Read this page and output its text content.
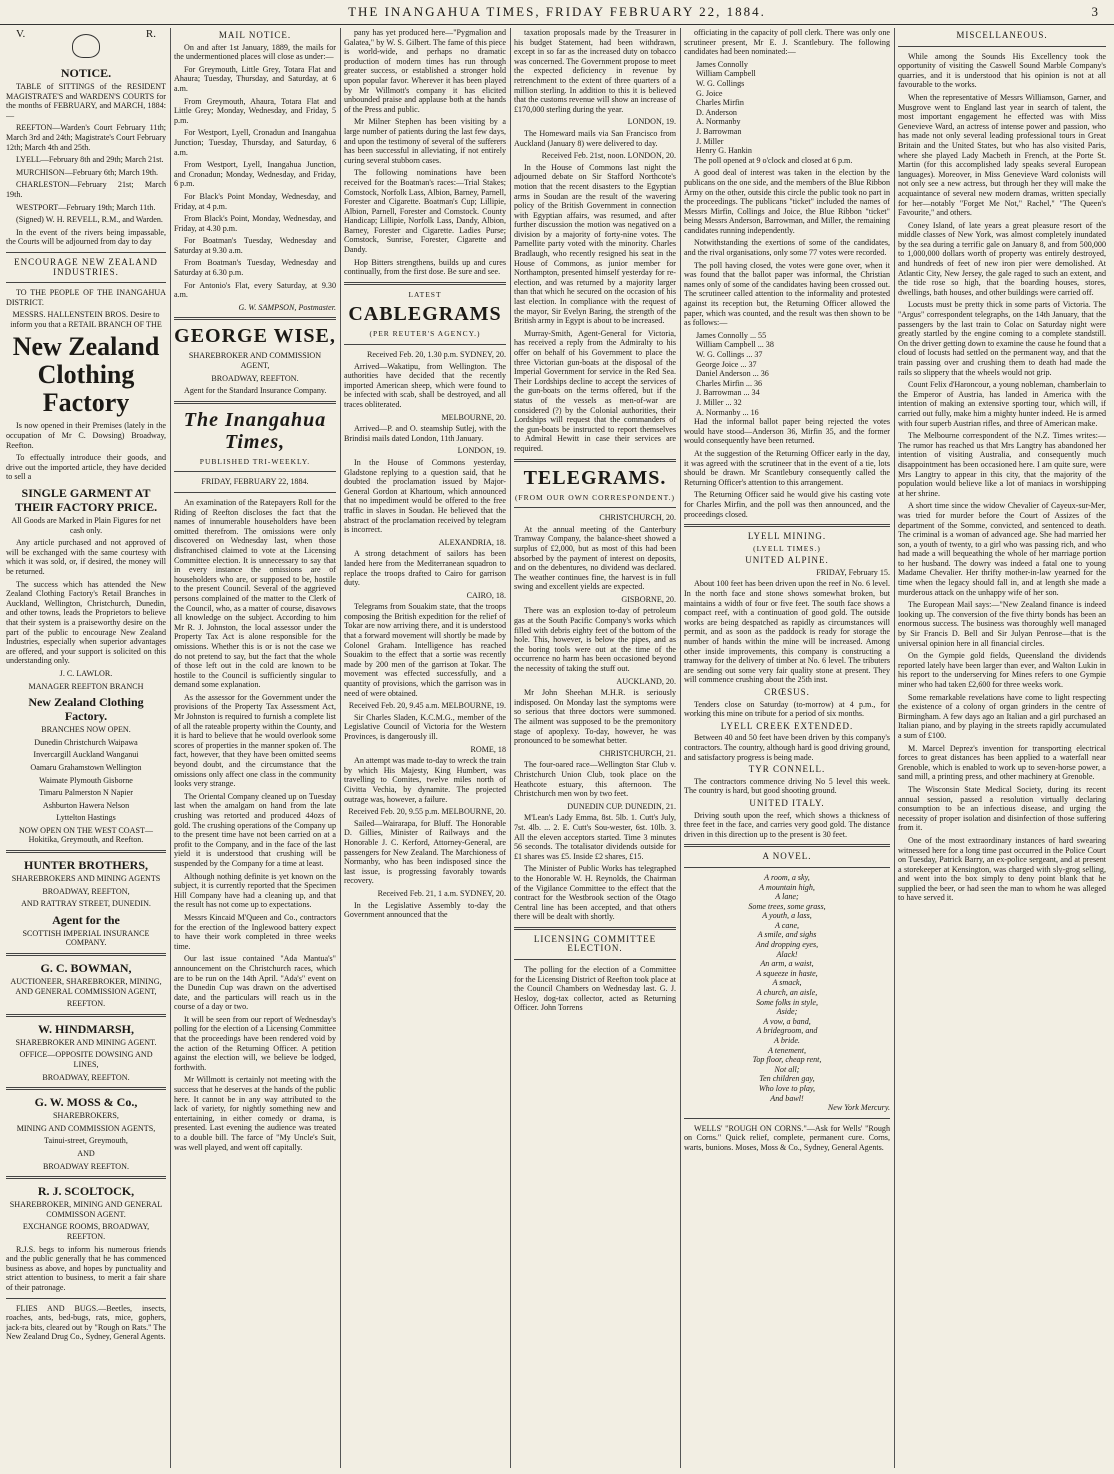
THE INANGAHUA TIMES, FRIDAY FEBRUARY 22, 1884.	3
V.	R.
NOTICE.

TABLE of SITTINGS of the RESIDENT MAGISTRATE'S and WARDEN'S COURTS for the months of FEBRUARY, and MARCH, 1884:—

REEFTON—Warden's Court February 11th; March 3rd and 24th; Magistrate's Court February 12th; March 4th and 25th.

LYELL—February 8th and 29th; March 21st.

MURCHISON—February 6th; March 19th.

CHARLESTON—February 21st; March 19th.

WESTPORT—February 19th; March 11th.

(Signed) W. H. REVELL, R.M., and Warden.

In the event of the rivers being impassable, the Courts will be adjourned from day to day

ENCOURAGE NEW ZEALAND INDUSTRIES.

TO THE PEOPLE OF THE INANGAHUA DISTRICT.

MESSRS. HALLENSTEIN BROS. Desire to inform you that a RETAIL BRANCH OF THE

New Zealand Clothing Factory

Is now opened in their Premises (lately in the occupation of Mr C. Dowsing) Broadway, Reefton.

To effectually introduce their goods, and drive out the imported article, they have decided to sell a

SINGLE GARMENT AT THEIR FACTORY PRICE.

All Goods are Marked in Plain Figures for net cash only.

Any article purchased and not approved of will be exchanged with the same courtesy with which it was sold, or, if desired, the money will be returned.

The success which has attended the New Zealand Clothing Factory's Retail Branches in Auckland, Wellington, Christchurch, Dunedin, and other towns, leads the Proprietors to believe that their system is a praiseworthy desire on the part of the public to encourage New Zealand Industries, especially when superior advantages are offered, and your support is solicited on this understanding only.

J. C. LAWLOR.

MANAGER REEFTON BRANCH

New Zealand Clothing Factory.

BRANCHES NOW OPEN.

Dunedin Christchurch Waipawa

Invercargill Auckland Wanganui

Oamaru Grahamstown Wellington

Waimate Plymouth Gisborne

Timaru Palmerston N Napier

Ashburton Hawera Nelson

Lyttelton Hastings

NOW OPEN ON THE WEST COAST—Hokitika, Greymouth, and Reefton.

HUNTER BROTHERS,

SHAREBROKERS AND MINING AGENTS

BROADWAY, REEFTON,

AND RATTRAY STREET, DUNEDIN.

Agent for the

SCOTTISH IMPERIAL INSURANCE COMPANY.

G. C. BOWMAN,

AUCTIONEER, SHAREBROKER, MINING, AND GENERAL COMMISSION AGENT,

REEFTON.

W. HINDMARSH,

SHAREBROKER AND MINING AGENT.

OFFICE—OPPOSITE DOWSING AND LINES,

BROADWAY, REEFTON.

G. W. MOSS & Co.,

SHAREBROKERS,

MINING AND COMMISSION AGENTS,

Tainui-street, Greymouth,

AND

BROADWAY REEFTON.

R. J. SCOLTOCK,

SHAREBROKER, MINING AND GENERAL COMMISSON AGENT.

EXCHANGE ROOMS, BROADWAY, REEFTON.

R.J.S. begs to inform his numerous friends and the public generally that he has commenced business as above, and hopes by punctuality and strict attention to business, to merit a fair share of their patronage.

FLIES AND BUGS.—Beetles, insects, roaches, ants, bed-bugs, rats, mice, gophers, jack-ra bits, cleared out by "Rough on Rats." The New Zealand Drug Co., Sydney, General Agents.

MAIL NOTICE.

On and after 1st January, 1889, the mails for the undermentioned places will close as under:—

For Greymouth, Little Grey, Totara Flat and Ahaura; Tuesday, Thursday, and Saturday, at 6 a.m.

From Greymouth, Ahaura, Totara Flat and Little Grey; Monday, Wednesday, and Friday, 5 p.m.

For Westport, Lyell, Cronadun and Inangahua Junction; Tuesday, Thursday, and Saturday, 6 a.m.

From Westport, Lyell, Inangahua Junction, and Cronadun; Monday, Wednesday, and Friday, 6 p.m.

For Black's Point Monday, Wednesday, and Friday, at 4 p.m.

From Black's Point, Monday, Wednesday, and Friday, at 4.30 p.m.

For Boatman's Tuesday, Wednesday and Saturday at 9.30 a.m.

From Boatman's Tuesday, Wednesday and Saturday at 6.30 p.m.

For Antonio's Flat, every Saturday, at 9.30 a.m.

G. W. SAMPSON, Postmaster.

GEORGE WISE,

SHAREBROKER AND COMMISSION AGENT,

BROADWAY, REEFTON.

Agent for the Standard Insurance Company.

The Inangahua Times,

PUBLISHED TRI-WEEKLY.

FRIDAY, FEBRUARY 22, 1884.

An examination of the Ratepayers Roll for the Riding of Reefton discloses the fact that the names of innumerable householders have been omitted therefrom. The omissions were only discovered on Wednesday last, when those disfranchised claimed to vote at the Licensing Committee election. It is unnecessary to say that in every instance the omissions are of householders who are, or supposed to be, hostile to the present Council. Several of the aggrieved persons complained of the matter to the Clerk of the Council, who, as a matter of course, disavows all knowledge on the subject. According to him Mr R. J. Johnston, the local assessor under the Property Tax Act is alone responsible for the omissions. Whether this is or is not the case we do not pretend to say, but the fact that the whole of those left out in the cold are known to be hostile to the Council is sufficiently singular to demand some explanation.

As the assessor for the Government under the provisions of the Property Tax Assessment Act, Mr Johnston is required to furnish a complete list of all the rateable property within the County, and it is hard to believe that he would overlook some scores of properties in the manner spoken of. The fact, however, that they have been omitted seems beyond doubt, and the circumstance that the omissions only affect one class in the community looks very strange.

The Oriental Company cleaned up on Tuesday last when the amalgam on hand from the late crushing was retorted and produced 44ozs of gold. The crushing operations of the Company up to the present time have not been carried on at a profit to the Company, and in the face of the last yield it is understood that crushing will be suspended by the Company for a time at least.

Although nothing definite is yet known on the subject, it is currently reported that the Specimen Hill Company have had a cleaning up, and that the result has not come up to expectations.

Messrs Kincaid M'Queen and Co., contractors for the erection of the Inglewood battery expect to have their work completed in three weeks time.

Our last issue contained "Ada Mantua's" announcement on the Christchurch races, which are to be run on the 14th April. "Ada's" event on the Dunedin Cup was drawn on the advertised date, and the particulars will reach us in the course of a day or two.

It will be seen from our report of Wednesday's polling for the election of a Licensing Committee that the proceedings have been rendered void by the action of the Returning Officer. A petition against the election will, we believe be lodged, forthwith.

Mr Willmott is certainly not meeting with the success that he deserves at the hands of the public here. It cannot be in any way attributed to the lack of variety, for nightly something new and entertaining, in either comedy or drama, is presented. Last evening the audience was treated to a double bill. The farce of "My Uncle's Suit, was well played, and went off capitally.

pany has yet produced here—"Pygmalion and Galatea," by W. S. Gilbert. The fame of this piece is world-wide, and perhaps no dramatic production of modern times has run through greater success, or established a stronger hold upon popular favor. Wherever it has been played by Mr Willmott's company it has elicited unbounded praise and applause both at the hands of the Press and public.

Mr Milner Stephen has been visiting by a large number of patients during the last few days, and upon the testimony of several of the sufferers has been successful in alleviating, if not entirely curing several stubborn cases.

The following nominations have been received for the Boatman's races:—Trial Stakes; Comstock, Norfolk Lass, Albion, Barney, Parnell, Forester and Cigarette. Boatman's Cup; Lillipie, Albion, Parnell, Forester and Comstock. County Handicap; Lillipie, Norfolk Lass, Dandy, Albion, Barney, Forester and Cigarette. Ladies Purse; Comstock, Sunrise, Forester, Cigarette and Dandy.

Hop Bitters strengthens, builds up and cures continually, from the first dose. Be sure and see.

LATEST

CABLEGRAMS

(PER REUTER'S AGENCY.)

Received Feb. 20, 1.30 p.m. SYDNEY, 20.

Arrived—Wakatipu, from Wellington. The authorities have decided that the recently imported American sheep, which were found to be infected with scab, shall be destroyed, and all traces obliterated.

MELBOURNE, 20.

Arrived—P. and O. steamship Sutlej, with the Brindisi mails dated London, 11th January.

LONDON, 19.

In the House of Commons yesterday, Gladstone replying to a question said, that he doubted the proclamation issued by Major-General Gordon at Khartoum, which announced that no impediment would be offered to the free traffic in slaves in Soudan. He believed that the abstract of the proclamation received by telegram is incorrect.

ALEXANDRIA, 18.

A strong detachment of sailors has been landed here from the Mediterranean squadron to replace the troops drafted to Cairo for garrison duty.

CAIRO, 18.

Telegrams from Souakim state, that the troops composing the British expedition for the relief of Tokar are now arriving there, and it is understood that a forward movement will shortly be made by Colonel Graham. Intelligence has reached Souakim to the effect that a sortie was recently made by 200 men of the garrison at Tokar. The movement was effected successfully, and a quantity of provisions, which the garrison was in need of were obtained.

Received Feb. 20, 9.45 a.m. MELBOURNE, 19.

Sir Charles Sladen, K.C.M.G., member of the Legislative Council of Victoria for the Western Provinces, is dangerously ill.

ROME, 18

An attempt was made to-day to wreck the train by which His Majesty, King Humbert, was travelling to Comites, twelve miles north of Civitta Vechia, by dynamite. The projected outrage was, however, a failure.

Received Feb. 20, 9.55 p.m. MELBOURNE, 20.

Sailed—Wairarapa, for Bluff. The Honorable D. Gillies, Minister of Railways and the Honorable J. C. Kerford, Attorney-General, are passengers for New Zealand. The Marchioness of Normanby, who has been indisposed since the last issue, is progressing favorably towards recovery.

Received Feb. 21, 1 a.m. SYDNEY, 20.

In the Legislative Assembly to-day the Government announced that the

taxation proposals made by the Treasurer in his budget Statement, had been withdrawn, except in so far as the increased duty on tobacco was concerned. The Government propose to meet the expected deficiency in revenue by retrenchment to the extent of three quarters of a million sterling. In addition to this it is believed that the customs revenue will show an increase of £170,000 sterling during the year.

LONDON, 19.

The Homeward mails via San Francisco from Auckland (January 8) were delivered to day.

Received Feb. 21st, noon. LONDON, 20.

In the House of Commons last night the adjourned debate on Sir Stafford Northcote's motion that the recent disasters to the Egyptian arms in Soudan are the result of the wavering policy of the British Government in connection with Egyptian affairs, was resumed, and after further discussion the motion was negatived on a division by a majority of forty-nine votes. The Parnellite party voted with the minority. Charles Bradlaugh, who recently resigned his seat in the House of Commons, as junior member for Northampton, presented himself yesterday for re-election, and was returned by a majority larger than that which he secured on the occasion of his last election. In compliance with the request of the mayor, Sir Evelyn Baring, the strength of the British army in Egypt is about to be increased.

Murray-Smith, Agent-General for Victoria, has received a reply from the Admiralty to his offer on behalf of his Government to place the three Victorian gun-boats at the disposal of the Imperial Government for service in the Red Sea. Their Lordships decline to accept the services of the gun-boats on the terms offered, but if the status of the vessels as men-of-war are considered (?) by the Colonial authorities, their Lordships will request that the commanders of the gun-boats be instructed to report themselves to Admiral Hewitt in case their services are required.

TELEGRAMS.

(FROM OUR OWN CORRESPONDENT.)

CHRISTCHURCH, 20.

At the annual meeting of the Canterbury Tramway Company, the balance-sheet showed a surplus of £2,000, but as most of this had been absorbed by the payment of interest on deposits, and on the debentures, no dividend was declared. The weather continues fine, the harvest is in full swing and excellent yields are expected.

GISBORNE, 20.

There was an explosion to-day of petroleum gas at the South Pacific Company's works which filled with debris eighty feet of the bottom of the hole. This, however, is below the pipes, and as the boring tools were out at the time of the occurrence no harm has been occasioned beyond the necessity of taking the stuff out.

AUCKLAND, 20.

Mr John Sheehan M.H.R. is seriously indisposed. On Monday last the symptoms were so serious that three doctors were summoned. The ailment was supposed to be the premonitory stage of apoplexy. To-day, however, he was pronounced to be somewhat better.

CHRISTCHURCH, 21.

The four-oared race—Wellington Star Club v. Christchurch Union Club, took place on the Heathcote estuary, this afternoon. The Christchurch men won by two feet.

DUNEDIN CUP. DUNEDIN, 21.

M'Lean's Lady Emma, 8st. 5lb. 1. Cutt's July, 7st. 4lb. ... 2. E. Cutt's Sou-wester, 6st. 10lb. 3. All the eleven acceptors started. Time 3 minutes 56 seconds. The totalisator dividends outside for £1 shares was £5. Inside £2 shares, £15.

The Minister of Public Works has telegraphed to the Honorable W. H. Reynolds, the Chairman of the Vigilance Committee to the effect that the contract for the Westbrook section of the Otago Central line has been accepted, and that others there will be dealt with shortly.

LICENSING COMMITTEE ELECTION.

The polling for the election of a Committee for the Licensing District of Reefton took place at the Council Chambers on Wednesday last. G. J. Hesloy, dog-tax collector, acted as Returning Officer. John Torrens

officiating in the capacity of poll clerk. There was only one scrutineer present, Mr E. J. Scantlebury. The following candidates had been nominated:—

James Connolly

William Campbell

W. G. Collings

G. Joice

Charles Mirfin

D. Anderson

A. Normanby

J. Barrowman

J. Miller

Henry G. Hankin

The poll opened at 9 o'clock and closed at 6 p.m.

A good deal of interest was taken in the election by the publicans on the one side, and the members of the Blue Ribbon Army on the other, outside this circle the public took no part in the proceedings. The publicans "ticket" included the names of Messrs Mirfin, Collings and Joice, the Blue Ribbon "ticket" being Messrs Anderson, Barrowman, and Miller, the remaining candidates running independently.

Notwithstanding the exertions of some of the candidates, and the rival organisations, only some 77 votes were recorded.

The poll having closed, the votes were gone over, when it was found that the ballot paper was informal, the Christian names only of some of the candidates having been crossed out. The scrutineer called attention to the informality and protested against its reception but, the Returning Officer allowed the paper, which was counted, and the result was then shown to be as follows:—

James Connolly ... 55

William Campbell ... 38

W. G. Collings ... 37

George Joice ... 37

Daniel Anderson ... 36

Charles Mirfin ... 36

J. Barrowman ... 34

J. Miller ... 32

A. Normanby ... 16

Had the informal ballot paper being rejected the votes would have stood—Anderson 36, Mirfin 35, and the former would consequently have been returned.

At the suggestion of the Returning Officer early in the day, it was agreed with the scrutineer that in the event of a tie, lots should be drawn. Mr Scantlebury consequently called the Returning Officer's attention to this arrangement.

The Returning Officer said he would give his casting vote for Charles Mirfin, and the poll was then announced, and the proceedings closed.

LYELL MINING.

(LYELL TIMES.)

UNITED ALPINE.

FRIDAY, February 15.

About 100 feet has been driven upon the reef in No. 6 level. In the north face and stone shows somewhat broken, but maintains a width of four or five feet. The south face shows a compact reef, with a continuation of good gold. The outside works are being despatched as rapidly as circumstances will permit, and as soon as the paddock is ready for storage the number of hands within the mine will be increased. Among other inside improvements, this company is constructing a tramway for the delivery of timber at No. 6 level. The tributers are sending out some very fair quality stone at present. They will commence crushing about the 25th inst.

CRŒSUS.

Tenders close on Saturday (to-morrow) at 4 p.m., for working this mine on tribute for a period of six months.

LYELL CREEK EXTENDED.

Between 40 and 50 feet have been driven by this company's contractors. The country, although hard is good driving ground, and satisfactory progress is being made.

TYR CONNELL.

The contractors commence driving No 5 level this week. The country is hard, but good shooting ground.

UNITED ITALY.

Driving south upon the reef, which shows a thickness of three feet in the face, and carries very good gold. The distance driven in this direction up to the present is 30 feet.

A NOVEL.

A room, a sky,

A mountain high,

A lane;

Some trees, some grass,

A youth, a lass,

A cane,

A smile, and sighs

And dropping eyes,

Alack!

An arm, a waist,

A squeeze in haste,

A smack,

A church, an aisle,

Some folks in style,

Aside;

A vow, a band,

A bridegroom, and

A bride.

A tenement,

Top floor, cheap rent,

Not all;

Ten children gay,

Who love to play,

And bawl!

New York Mercury.

WELLS' "ROUGH ON CORNS."—Ask for Wells' "Rough on Corns." Quick relief, complete, permanent cure. Corns, warts, bunions. Moses, Moss & Co., Sydney, General Agents.

MISCELLANEOUS.

While among the Sounds His Excellency took the opportunity of visiting the Caswell Sound Marble Company's quarries, and it is understood that his opinion is not at all favourable to the works.

When the representative of Messrs Williamson, Garner, and Musgrove went to England last year in search of talent, the most important engagement he effected was with Miss Genevieve Ward, an actress of intense power and passion, who has made not only several leading professional tours in Great Britain and the United States, but who has also visited Paris, where she played Lady Macbeth in French, at the Porte St. Martin (for this accomplished lady speaks several European languages). Moreover, in Miss Genevieve Ward colonists will not only see a new actress, but through her they will make the acquaintance of several new modern dramas, written specially for her—notably "Forget Me Not," Rachel," "The Queen's Favourite," and others.

Coney Island, of late years a great pleasure resort of the middle classes of New York, was almost completely inundated by the sea during a terrific gale on January 8, and from 500,000 to 1,000,000 dollars worth of property was entirely destroyed, and hundreds of feet of new iron pier were demolished. At Atlantic City, New Jersey, the gale raged to such an extent, and the tide rose so high, that the boarding houses, stores, dwellings, bath houses, and other buildings were carried off.

Locusts must be pretty thick in some parts of Victoria. The "Argus" correspondent telegraphs, on the 14th January, that the passengers by the last train to Colac on Saturday night were greatly startled by the engine coming to a complete standstill. On the driver getting down to examine the cause he found that a cloud of locusts had settled on the permanent way, and that the train passing over and crushing them to death had made the rails so slippery that the wheels would not grip.

Count Felix d'Haroncour, a young nobleman, chamberlain to the Emperor of Austria, has landed in America with the intention of making an extensive sporting tour, which will, if carried out fully, make him a mighty hunter indeed. He is armed with four superb Austrian rifles, and three of American make.

The Melbourne correspondent of the N.Z. Times writes:—The rumor has reached us that Mrs Langtry has abandoned her intention of visiting Australia, and consequently much disappointment has been occasioned here. I am quite sure, were Mrs Langtry to appear in this city, that the majority of the population would believe like a lot of maniacs in worshipping at her shrine.

A short time since the widow Chevalier of Cayeux-sur-Mer, was tried for murder before the Court of Assizes of the department of the Somme, convicted, and sentenced to death. The criminal is a woman of advanced age. She had married her son, a youth of twenty, to a girl who was passing rich, and who had made a will bequeathing the whole of her marriage portion to her husband. The dowry was indeed a fatal one to young Madame Chevalier. Her thrifty mother-in-law yearned for the time when the legacy should fall in, and at length she made a murderous attack on the unhappy wife of her son.

The European Mail says:—"New Zealand finance is indeed looking up. The conversion of the five thirty bonds has been an enormous success. The business was thoroughly well managed by Sir Francis D. Bell and Sir Julyan Penrose—that is the universal opinion here in all financial circles.

On the Gympie gold fields, Queensland the dividends reported lately have been larger than ever, and Walton Lukin in his report to the underserving for Mines refers to one Gympie miner who had taken £2,600 for three weeks work.

Some remarkable revelations have come to light respecting the existence of a colony of organ grinders in the centre of Birmingham. A few days ago an Italian and a girl purchased an Italian piano, and by playing in the streets rapidly accumulated a sum of £100.

M. Marcel Deprez's invention for transporting electrical forces to great distances has been applied to a waterfall near Grenoble, which is enabled to work up to seven-horse power, a sand mill, a printing press, and other machinery at Grenoble.

The Wisconsin State Medical Society, during its recent annual session, passed a resolution virtually declaring consumption to be an infectious disease, and urging the necessity of proper isolation and disinfection of those suffering from it.

One of the most extraordinary instances of hard swearing witnessed here for a long time past occurred in the Police Court on Tuesday, Patrick Barry, an ex-police sergeant, and at present a storekeeper at Kensington, was charged with sly-grog selling, and went into the box simply to deny point blank that he supplied the beer, or had seen the man to whom he was alleged to have served it.
